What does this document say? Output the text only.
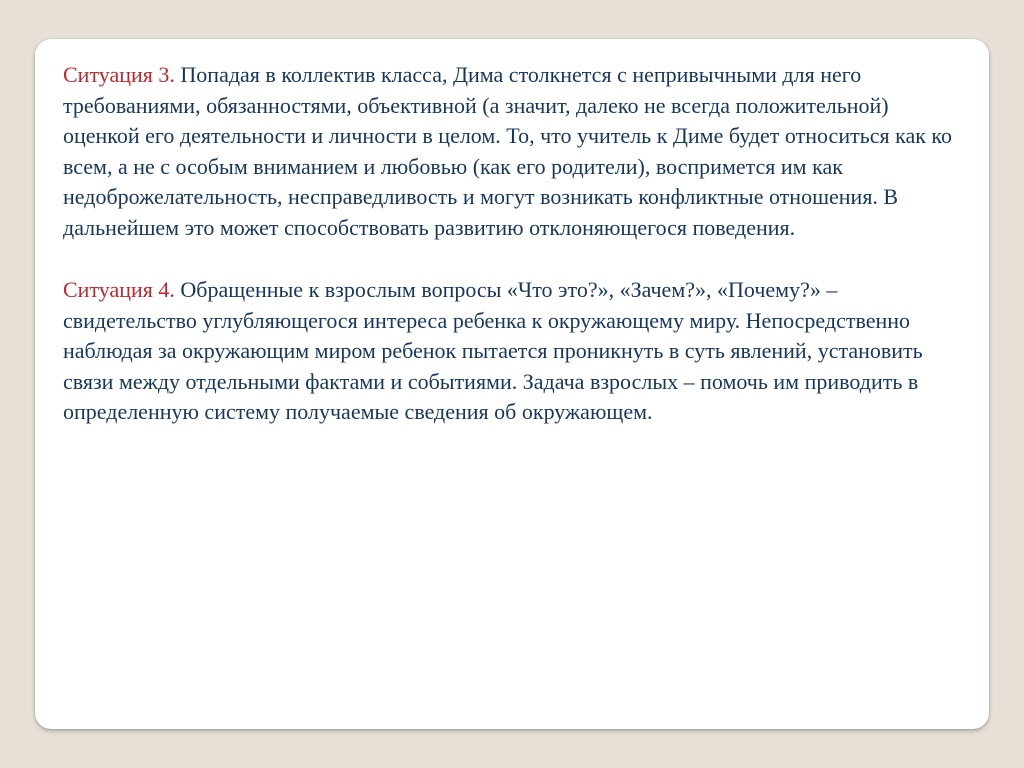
Ситуация 3. Попадая в коллектив класса, Дима столкнется с непривычными для него требованиями, обязанностями, объективной (а значит, далеко не всегда положительной) оценкой его деятельности и личности в целом. То, что учитель к Диме будет относиться как ко всем, а не с особым вниманием и любовью (как его родители), воспримется им как недоброжелательность, несправедливость и могут возникать конфликтные отношения. В дальнейшем это может способствовать развитию отклоняющегося поведения.

Ситуация 4. Обращенные к взрослым вопросы «Что это?», «Зачем?», «Почему?» – свидетельство углубляющегося интереса ребенка к окружающему миру. Непосредственно наблюдая за окружающим миром ребенок пытается проникнуть в суть явлений, установить связи между отдельными фактами и событиями. Задача взрослых – помочь им приводить в определенную систему получаемые сведения об окружающем.
